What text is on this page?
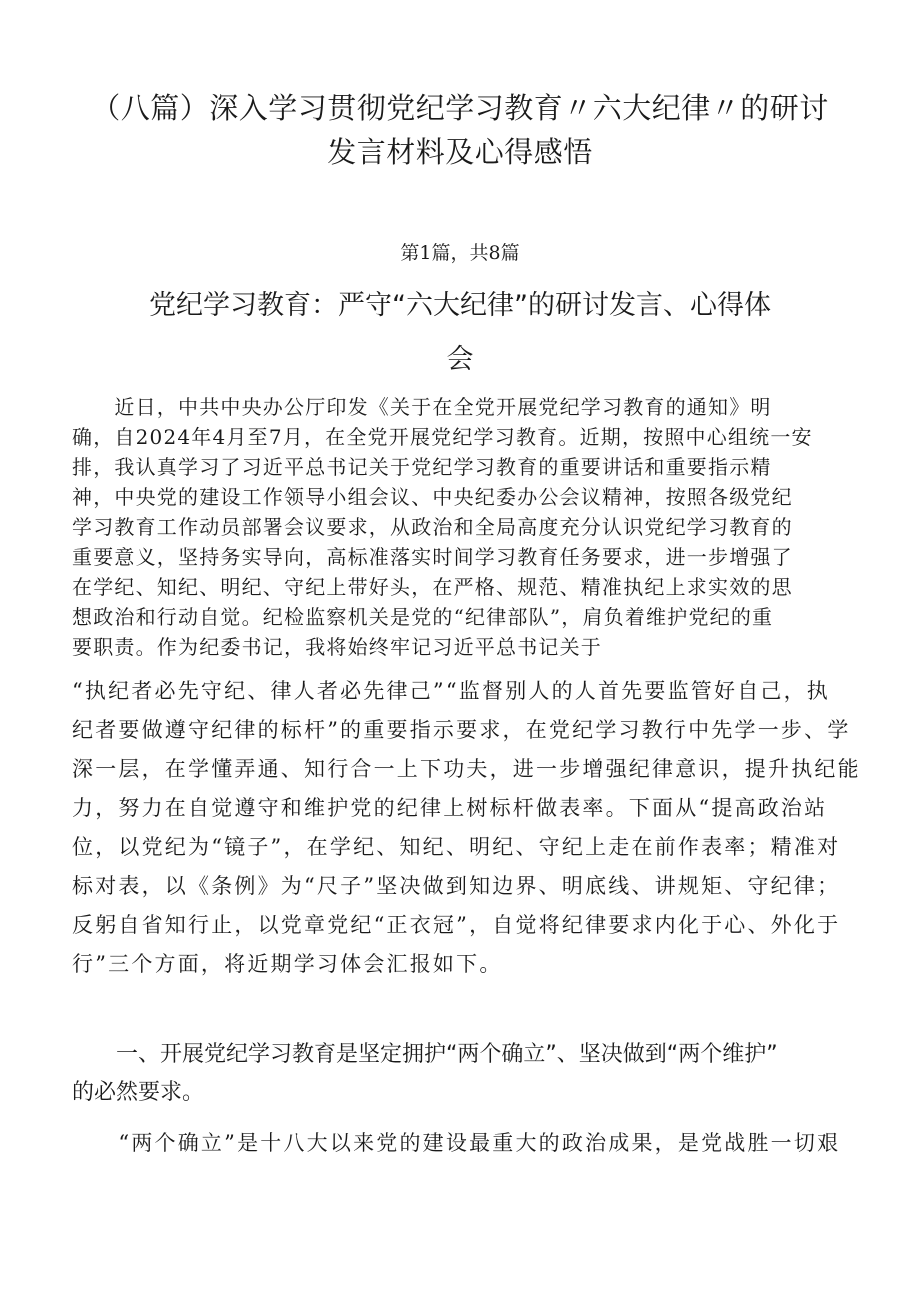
（八篇）深入学习贯彻党纪学习教育〃六大纪律〃的研讨
发言材料及心得感悟
第1篇，共8篇
党纪学习教育：严守“六大纪律”的研讨发言、心得体
会
　　近日，中共中央办公厅印发《关于在全党开展党纪学习教育的通知》明
确，自2024年4月至7月，在全党开展党纪学习教育。近期，按照中心组统一安
排，我认真学习了习近平总书记关于党纪学习教育的重要讲话和重要指示精
神，中央党的建设工作领导小组会议、中央纪委办公会议精神，按照各级党纪
学习教育工作动员部署会议要求，从政治和全局高度充分认识党纪学习教育的
重要意义，坚持务实导向，高标准落实时间学习教育任务要求，进一步增强了
在学纪、知纪、明纪、守纪上带好头，在严格、规范、精准执纪上求实效的思
想政治和行动自觉。纪检监察机关是党的“纪律部队”，肩负着维护党纪的重
要职责。作为纪委书记，我将始终牢记习近平总书记关于
“执纪者必先守纪、律人者必先律己”“监督别人的人首先要监管好自己，执
纪者要做遵守纪律的标杆”的重要指示要求，在党纪学习教行中先学一步、学
深一层，在学懂弄通、知行合一上下功夫，进一步增强纪律意识，提升执纪能
力，努力在自觉遵守和维护党的纪律上树标杆做表率。下面从“提高政治站
位，以党纪为“镜子”，在学纪、知纪、明纪、守纪上走在前作表率；精准对
标对表，以《条例》为“尺子”坚决做到知边界、明底线、讲规矩、守纪律；
反躬自省知行止，以党章党纪“正衣冠”，自觉将纪律要求内化于心、外化于
行”三个方面，将近期学习体会汇报如下。
　　一、开展党纪学习教育是坚定拥护“两个确立”、坚决做到“两个维护”
的必然要求。
　　“两个确立”是十八大以来党的建设最重大的政治成果，是党战胜一切艰
